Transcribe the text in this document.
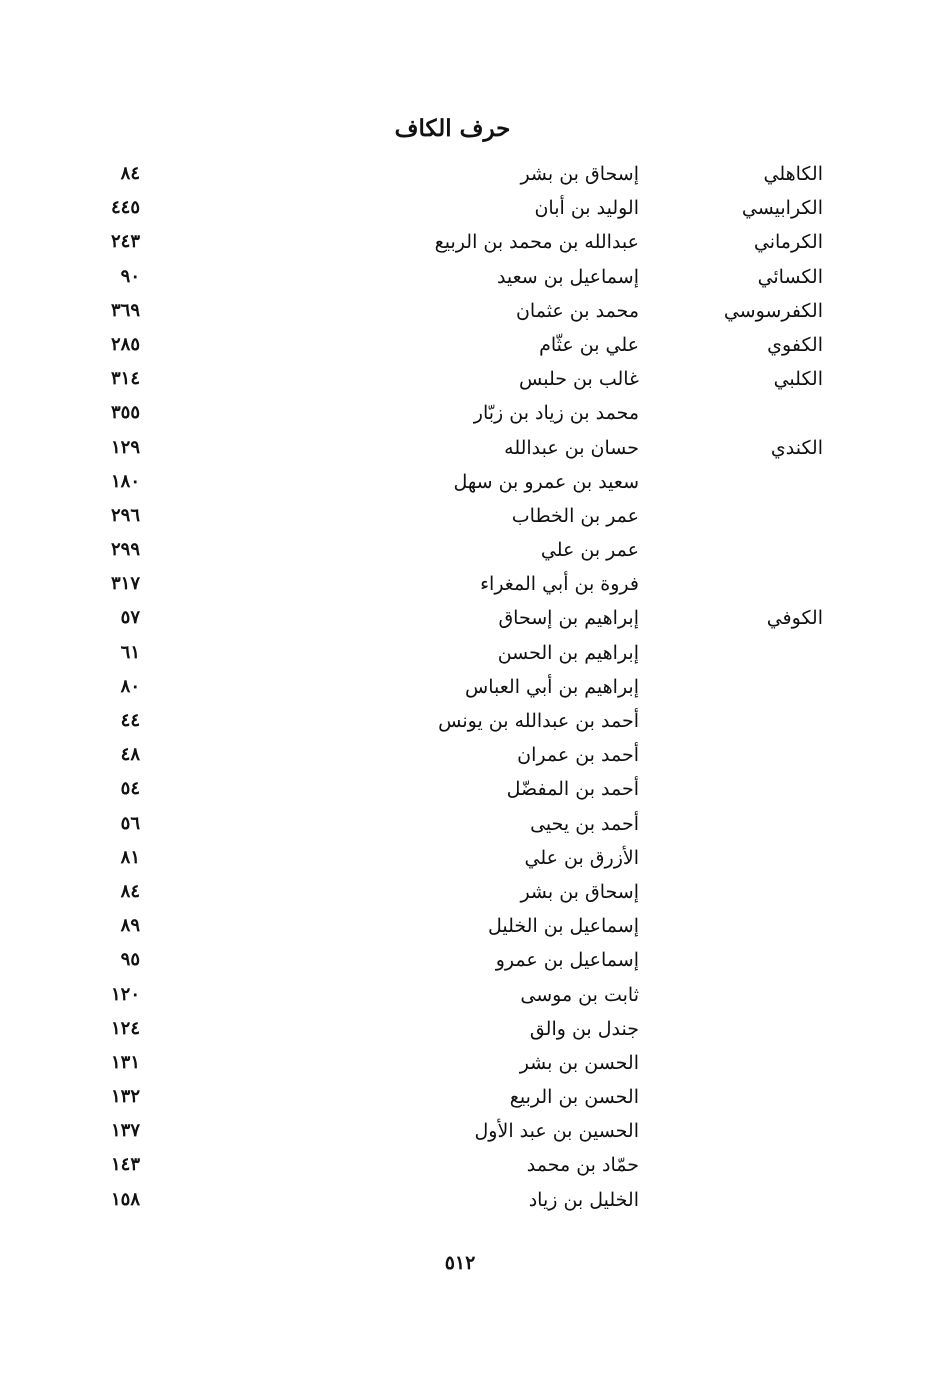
حرف الكاف
الكاهلي
إسحاق بن بشر
٨٤
الكرابيسي
الوليد بن أبان
٤٤٥
الكرماني
عبدالله بن محمد بن الربيع
٢٤٣
الكسائي
إسماعيل بن سعيد
٩٠
الكفرسوسي
محمد بن عثمان
٣٦٩
الكفوي
علي بن عثّام
٢٨٥
الكلبي
غالب بن حلبس
٣١٤
محمد بن زياد بن زبّار
٣٥٥
الكندي
حسان بن عبدالله
١٢٩
سعيد بن عمرو بن سهل
١٨٠
عمر بن الخطاب
٢٩٦
عمر بن علي
٢٩٩
فروة بن أبي المغراء
٣١٧
الكوفي
إبراهيم بن إسحاق
٥٧
إبراهيم بن الحسن
٦١
إبراهيم بن أبي العباس
٨٠
أحمد بن عبدالله بن يونس
٤٤
أحمد بن عمران
٤٨
أحمد بن المفضّل
٥٤
أحمد بن يحيى
٥٦
الأزرق بن علي
٨١
إسحاق بن بشر
٨٤
إسماعيل بن الخليل
٨٩
إسماعيل بن عمرو
٩٥
ثابت بن موسى
١٢٠
جندل بن والق
١٢٤
الحسن بن بشر
١٣١
الحسن بن الربيع
١٣٢
الحسين بن عبد الأول
١٣٧
حمّاد بن محمد
١٤٣
الخليل بن زياد
١٥٨
٥١٢
